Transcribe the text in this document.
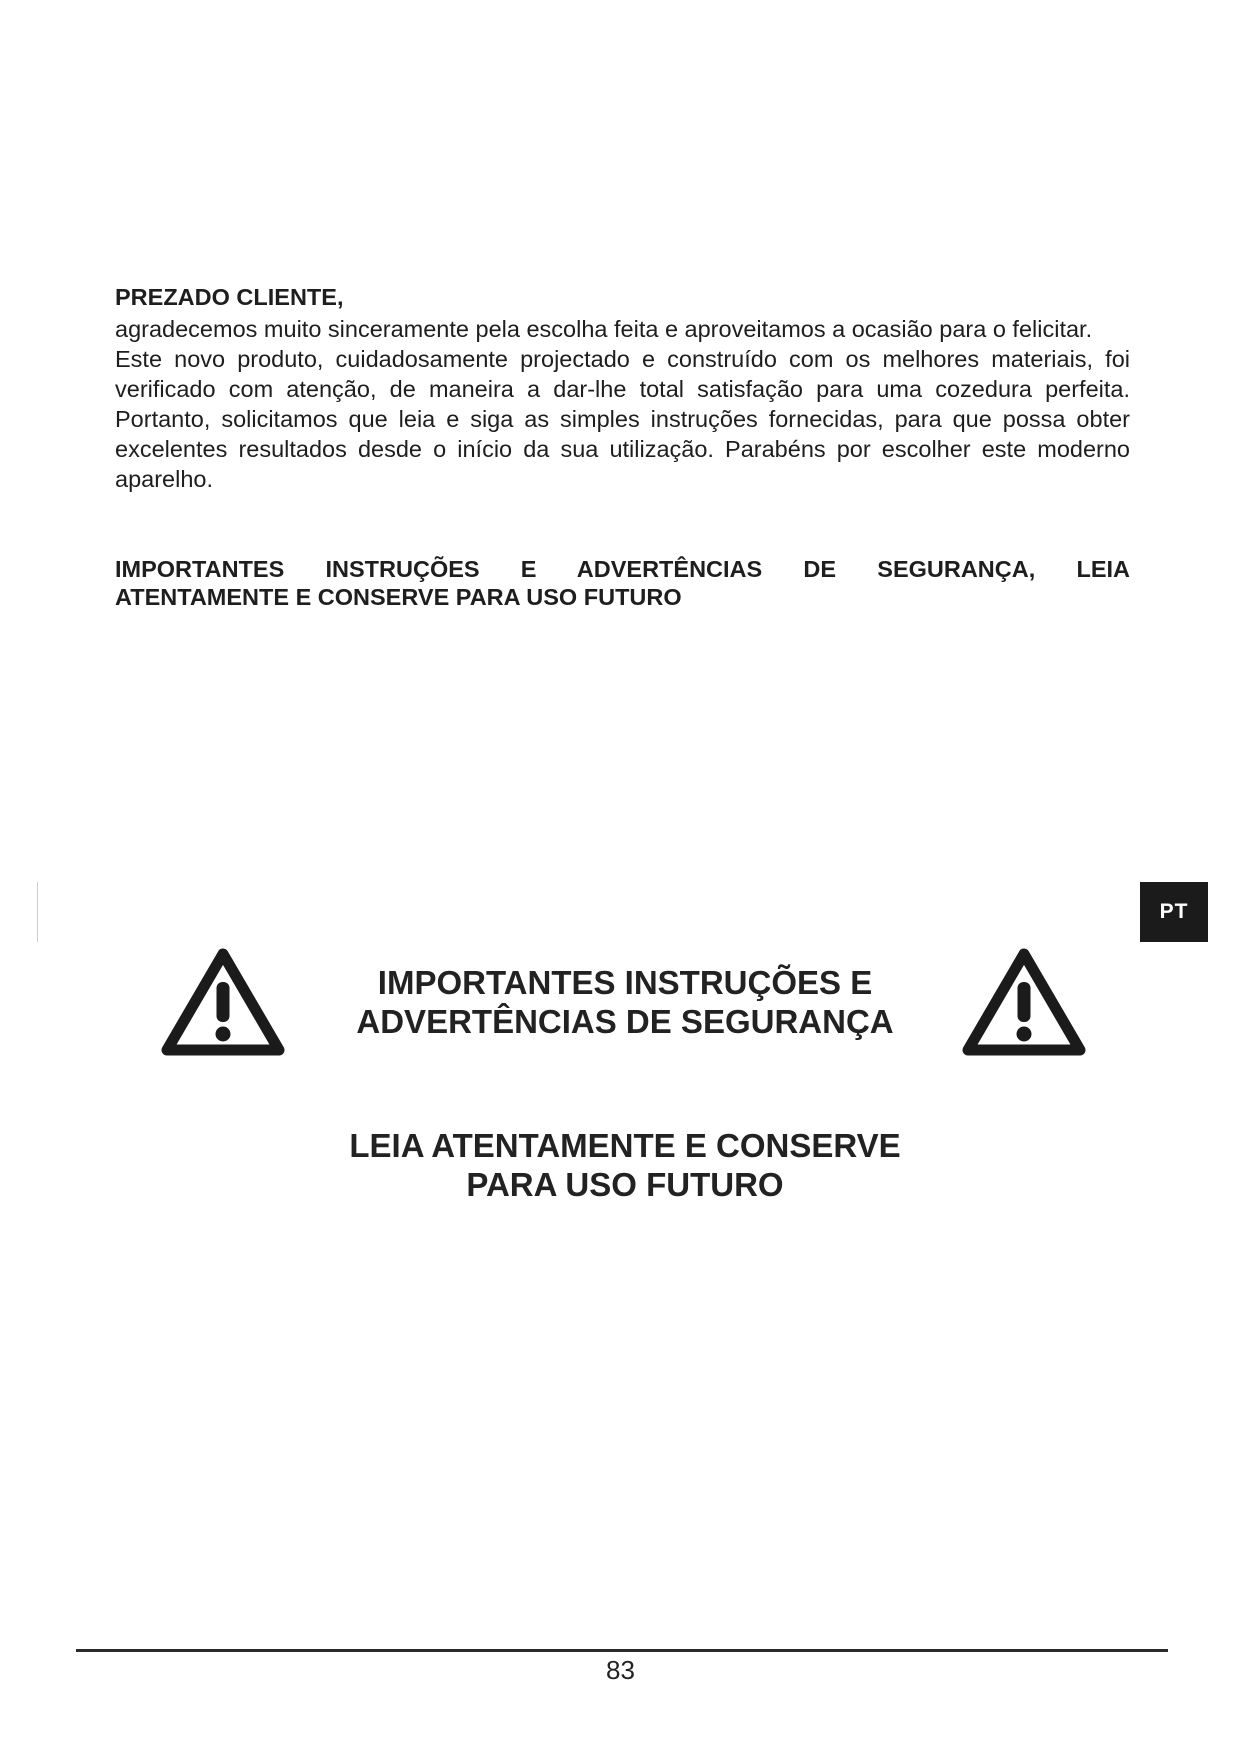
PREZADO CLIENTE,

agradecemos muito sinceramente pela escolha feita e aproveitamos a ocasião para o felicitar.

Este novo produto, cuidadosamente projectado e construído com os melhores materiais, foi verificado com atenção, de maneira a dar-lhe total satisfação para uma cozedura perfeita. Portanto, solicitamos que leia e siga as simples instruções fornecidas, para que possa obter excelentes resultados desde o início da sua utilização. Parabéns por escolher este moderno aparelho.

IMPORTANTES INSTRUÇÕES E ADVERTÊNCIAS DE SEGURANÇA, LEIA
ATENTAMENTE E CONSERVE PARA USO FUTURO

PT
IMPORTANTES INSTRUÇÕES E
ADVERTÊNCIAS DE SEGURANÇA
LEIA ATENTAMENTE E CONSERVE
PARA USO FUTURO
83
